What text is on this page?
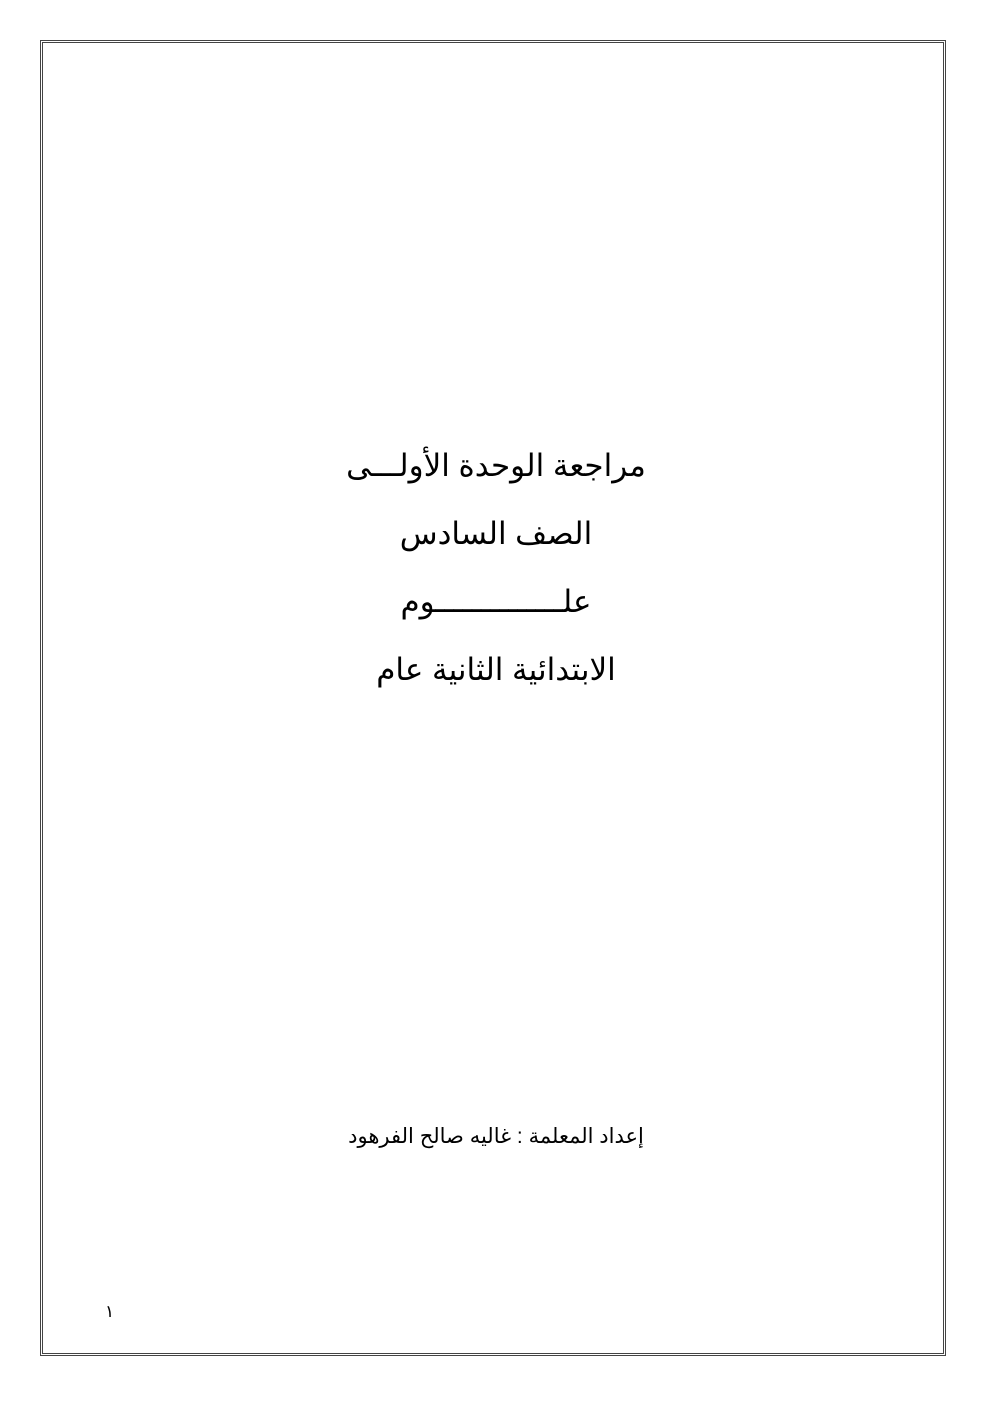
مراجعة الوحدة الأولـــى
الصف السادس
علــــــــــــــوم
الابتدائية الثانية عام
إعداد المعلمة : غاليه صالح الفرهود
١
